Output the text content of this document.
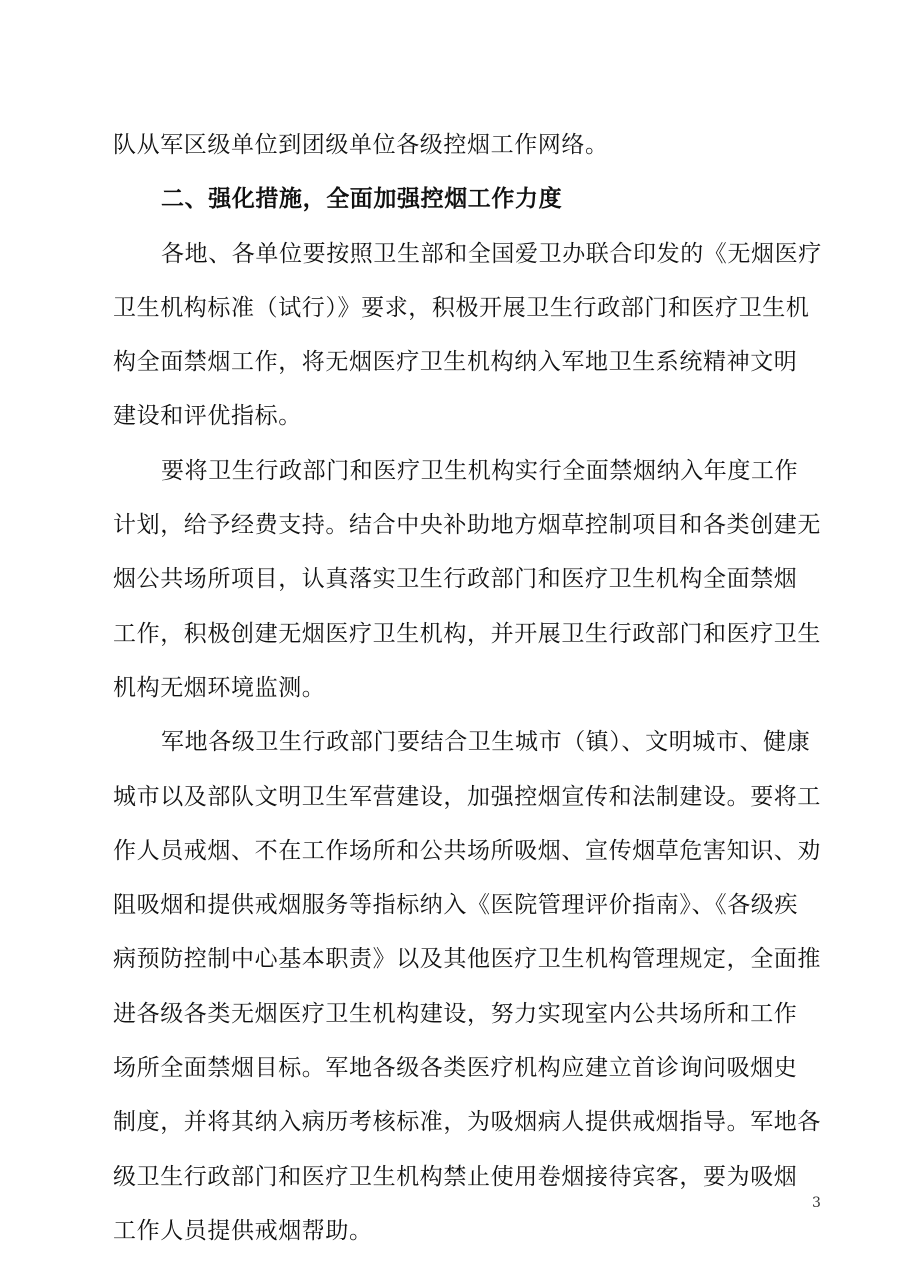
队从军区级单位到团级单位各级控烟工作网络。
二、强化措施，全面加强控烟工作力度
各地、各单位要按照卫生部和全国爱卫办联合印发的《无烟医疗
卫生机构标准（试行）》要求，积极开展卫生行政部门和医疗卫生机
构全面禁烟工作，将无烟医疗卫生机构纳入军地卫生系统精神文明
建设和评优指标。
要将卫生行政部门和医疗卫生机构实行全面禁烟纳入年度工作
计划，给予经费支持。结合中央补助地方烟草控制项目和各类创建无
烟公共场所项目，认真落实卫生行政部门和医疗卫生机构全面禁烟
工作，积极创建无烟医疗卫生机构，并开展卫生行政部门和医疗卫生
机构无烟环境监测。
军地各级卫生行政部门要结合卫生城市（镇）、文明城市、健康
城市以及部队文明卫生军营建设，加强控烟宣传和法制建设。要将工
作人员戒烟、不在工作场所和公共场所吸烟、宣传烟草危害知识、劝
阻吸烟和提供戒烟服务等指标纳入《医院管理评价指南》、《各级疾
病预防控制中心基本职责》以及其他医疗卫生机构管理规定，全面推
进各级各类无烟医疗卫生机构建设，努力实现室内公共场所和工作
场所全面禁烟目标。军地各级各类医疗机构应建立首诊询问吸烟史
制度，并将其纳入病历考核标准，为吸烟病人提供戒烟指导。军地各
级卫生行政部门和医疗卫生机构禁止使用卷烟接待宾客，要为吸烟
工作人员提供戒烟帮助。
3
